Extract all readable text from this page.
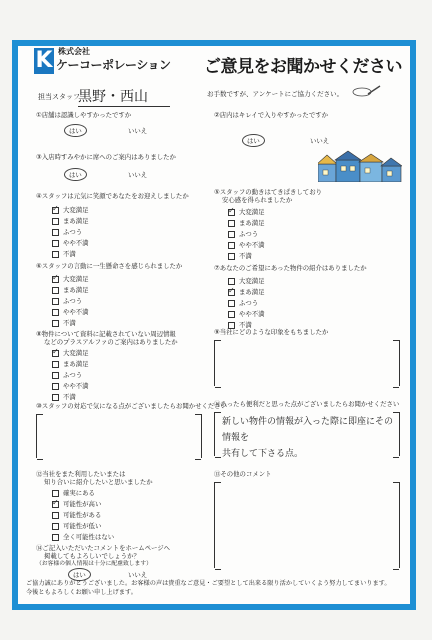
K 株式会社
ケーコーポレーション ご意見をお聞かせください
担当スタッフ
黒野・西山	お手数ですが、アンケートにご協力ください。
①店舗は認識しやすかったですか
はい	いいえ
②店内はキレイで入りやすかったですか
はい	いいえ
③入店時すみやかに席へのご案内はありましたか
はい	いいえ
④スタッフは元気に笑顔であなたをお迎えしましたか
✓大変満足
まあ満足
ふつう
やや不満
不満
⑤スタッフの動きはてきぱきしており
安心感を得られましたか
✓大変満足
まあ満足
ふつう
やや不満
不満
⑥スタッフの言動に一生懸命さを感じられましたか
✓大変満足
まあ満足
ふつう
やや不満
不満
⑦あなたのご希望にあった物件の紹介はありましたか
大変満足
✓まあ満足
ふつう
やや不満
不満
⑧物件について資料に記載されていない周辺情報
などのプラスアルファのご案内はありましたか
✓大変満足
まあ満足
ふつう
やや不満
不満
⑨当社にどのような印象をもちましたか
⑩スタッフの対応で気になる点がございましたらお聞かせください
⑪あったら便利だと思った点がございましたらお聞かせください
新しい物件の情報が入った際に即座にその情報を
共有して下さる点。
⑫当社をまた利用したいまたは
知り合いに紹介したいと思いましたか
確実にある
✓可能性が高い
可能性がある
可能性が低い
全く可能性はない
⑬その他のコメント
⑭ご記入いただいたコメントをホームページへ
掲載してもよろしいでしょうか？
（お客様の個人情報は十分に配慮致します）
はい	いいえ
ご協力誠にありがとうございました。お客様の声は貴重なご意見・ご要望として出来る限り活かしていくよう努力してまいります。
今後ともよろしくお願い申し上げます。
